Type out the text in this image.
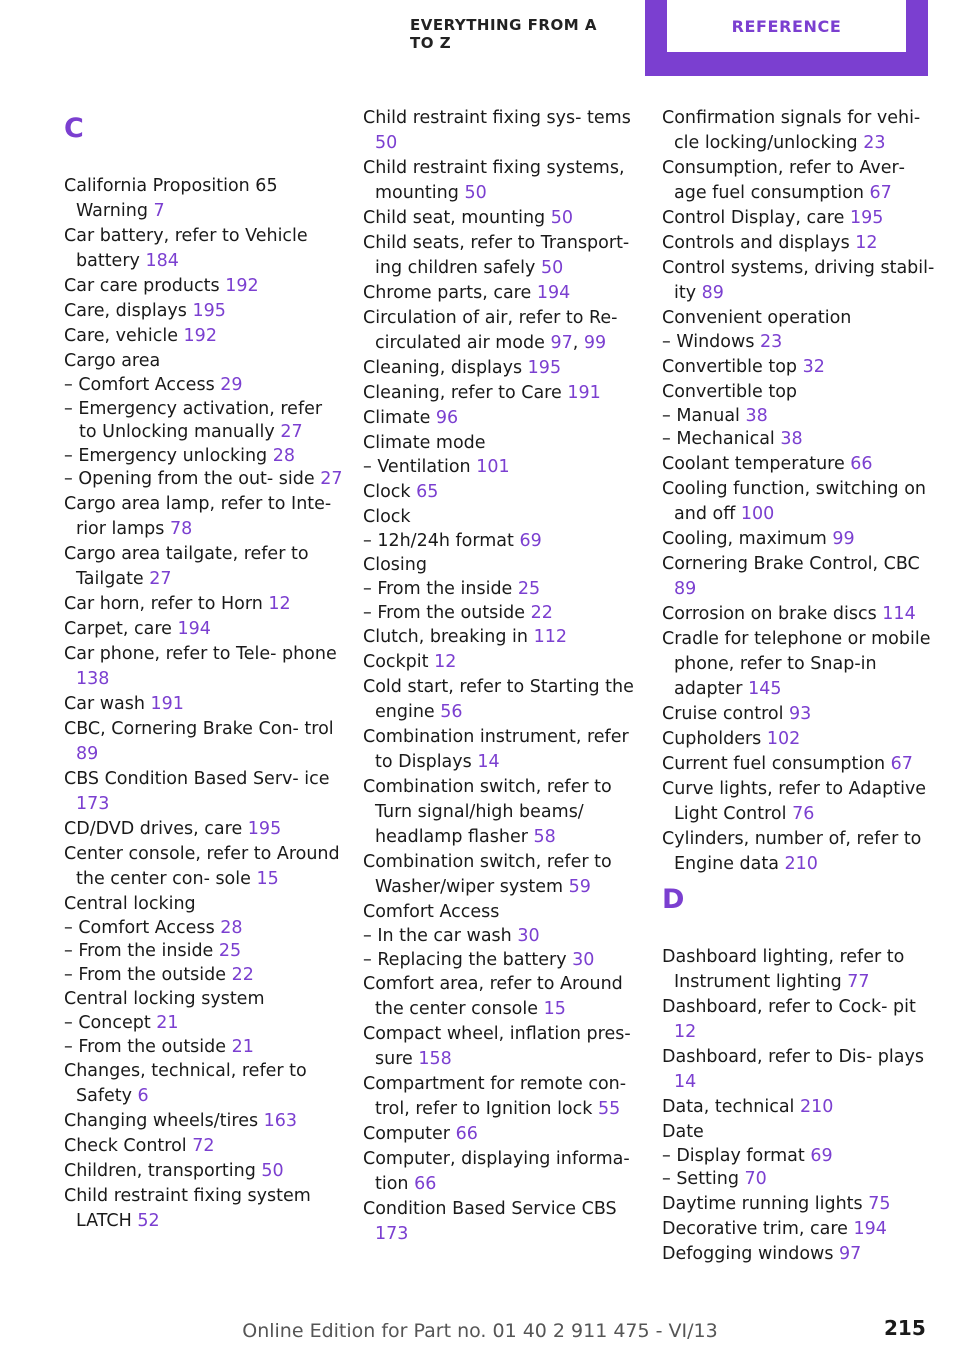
EVERYTHING FROM A TO Z
REFERENCE
C
California Proposition 65 Warning 7
Car battery, refer to Vehicle battery 184
Car care products 192
Care, displays 195
Care, vehicle 192
Cargo area
– Comfort Access 29
– Emergency activation, refer to Unlocking manually 27
– Emergency unlocking 28
– Opening from the out‐ side 27
Cargo area lamp, refer to Inte‐ rior lamps 78
Cargo area tailgate, refer to Tailgate 27
Car horn, refer to Horn 12
Carpet, care 194
Car phone, refer to Tele‐ phone 138
Car wash 191
CBC, Cornering Brake Con‐ trol 89
CBS Condition Based Serv‐ ice 173
CD/DVD drives, care 195
Center console, refer to Around the center con‐ sole 15
Central locking
– Comfort Access 28
– From the inside 25
– From the outside 22
Central locking system
– Concept 21
– From the outside 21
Changes, technical, refer to Safety 6
Changing wheels/tires 163
Check Control 72
Children, transporting 50
Child restraint fixing system LATCH 52
Child restraint fixing sys‐ tems 50
Child restraint fixing systems, mounting 50
Child seat, mounting 50
Child seats, refer to Transport‐ ing children safely 50
Chrome parts, care 194
Circulation of air, refer to Re‐ circulated air mode 97, 99
Cleaning, displays 195
Cleaning, refer to Care 191
Climate 96
Climate mode
– Ventilation 101
Clock 65
Clock
– 12h/24h format 69
Closing
– From the inside 25
– From the outside 22
Clutch, breaking in 112
Cockpit 12
Cold start, refer to Starting the engine 56
Combination instrument, refer to Displays 14
Combination switch, refer to Turn signal/high beams/ headlamp flasher 58
Combination switch, refer to Washer/wiper system 59
Comfort Access
– In the car wash 30
– Replacing the battery 30
Comfort area, refer to Around the center console 15
Compact wheel, inflation pres‐ sure 158
Compartment for remote con‐ trol, refer to Ignition lock 55
Computer 66
Computer, displaying informa‐ tion 66
Condition Based Service CBS 173
Confirmation signals for vehi‐ cle locking/unlocking 23
Consumption, refer to Aver‐ age fuel consumption 67
Control Display, care 195
Controls and displays 12
Control systems, driving stabil‐ ity 89
Convenient operation
– Windows 23
Convertible top 32
Convertible top
– Manual 38
– Mechanical 38
Coolant temperature 66
Cooling function, switching on and off 100
Cooling, maximum 99
Cornering Brake Control, CBC 89
Corrosion on brake discs 114
Cradle for telephone or mobile phone, refer to Snap-in adapter 145
Cruise control 93
Cupholders 102
Current fuel consumption 67
Curve lights, refer to Adaptive Light Control 76
Cylinders, number of, refer to Engine data 210
D
Dashboard lighting, refer to Instrument lighting 77
Dashboard, refer to Cock‐ pit 12
Dashboard, refer to Dis‐ plays 14
Data, technical 210
Date
– Display format 69
– Setting 70
Daytime running lights 75
Decorative trim, care 194
Defogging windows 97
215
Online Edition for Part no. 01 40 2 911 475 - VI/13
